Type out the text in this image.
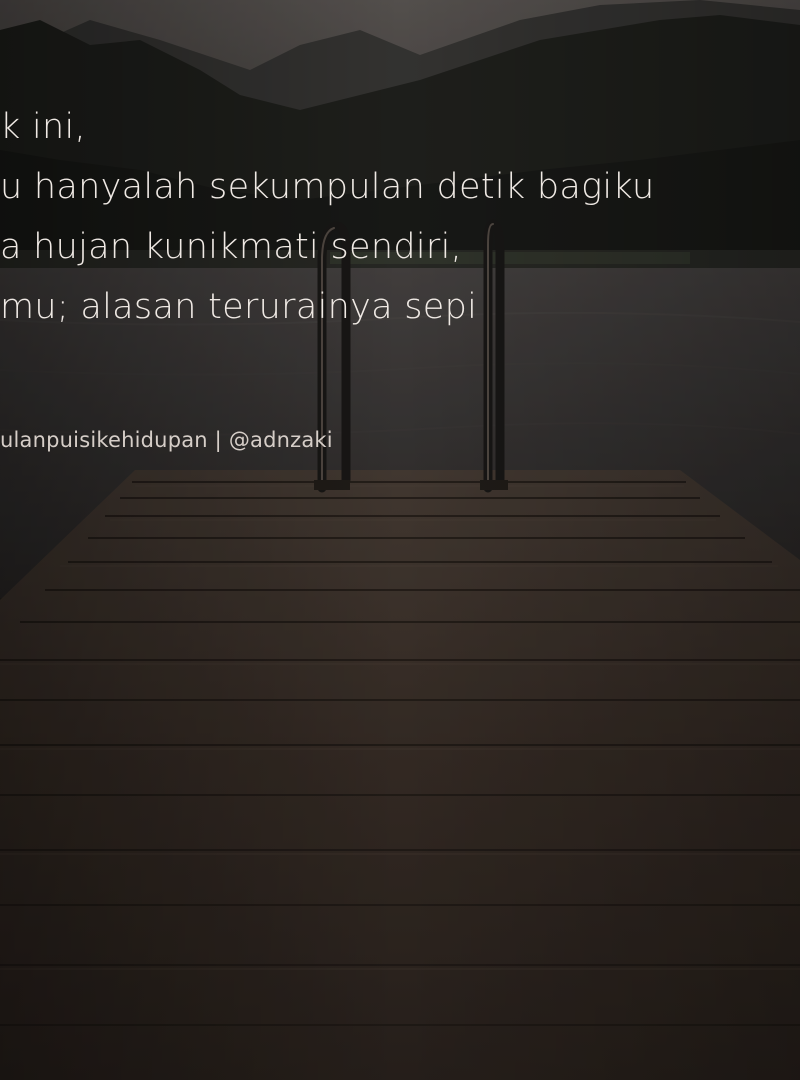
k ini,
u hanyalah sekumpulan detik bagiku
a hujan kunikmati sendiri,
mu; alasan terurainya sepi
ulanpuisikehidupan | @adnzaki
